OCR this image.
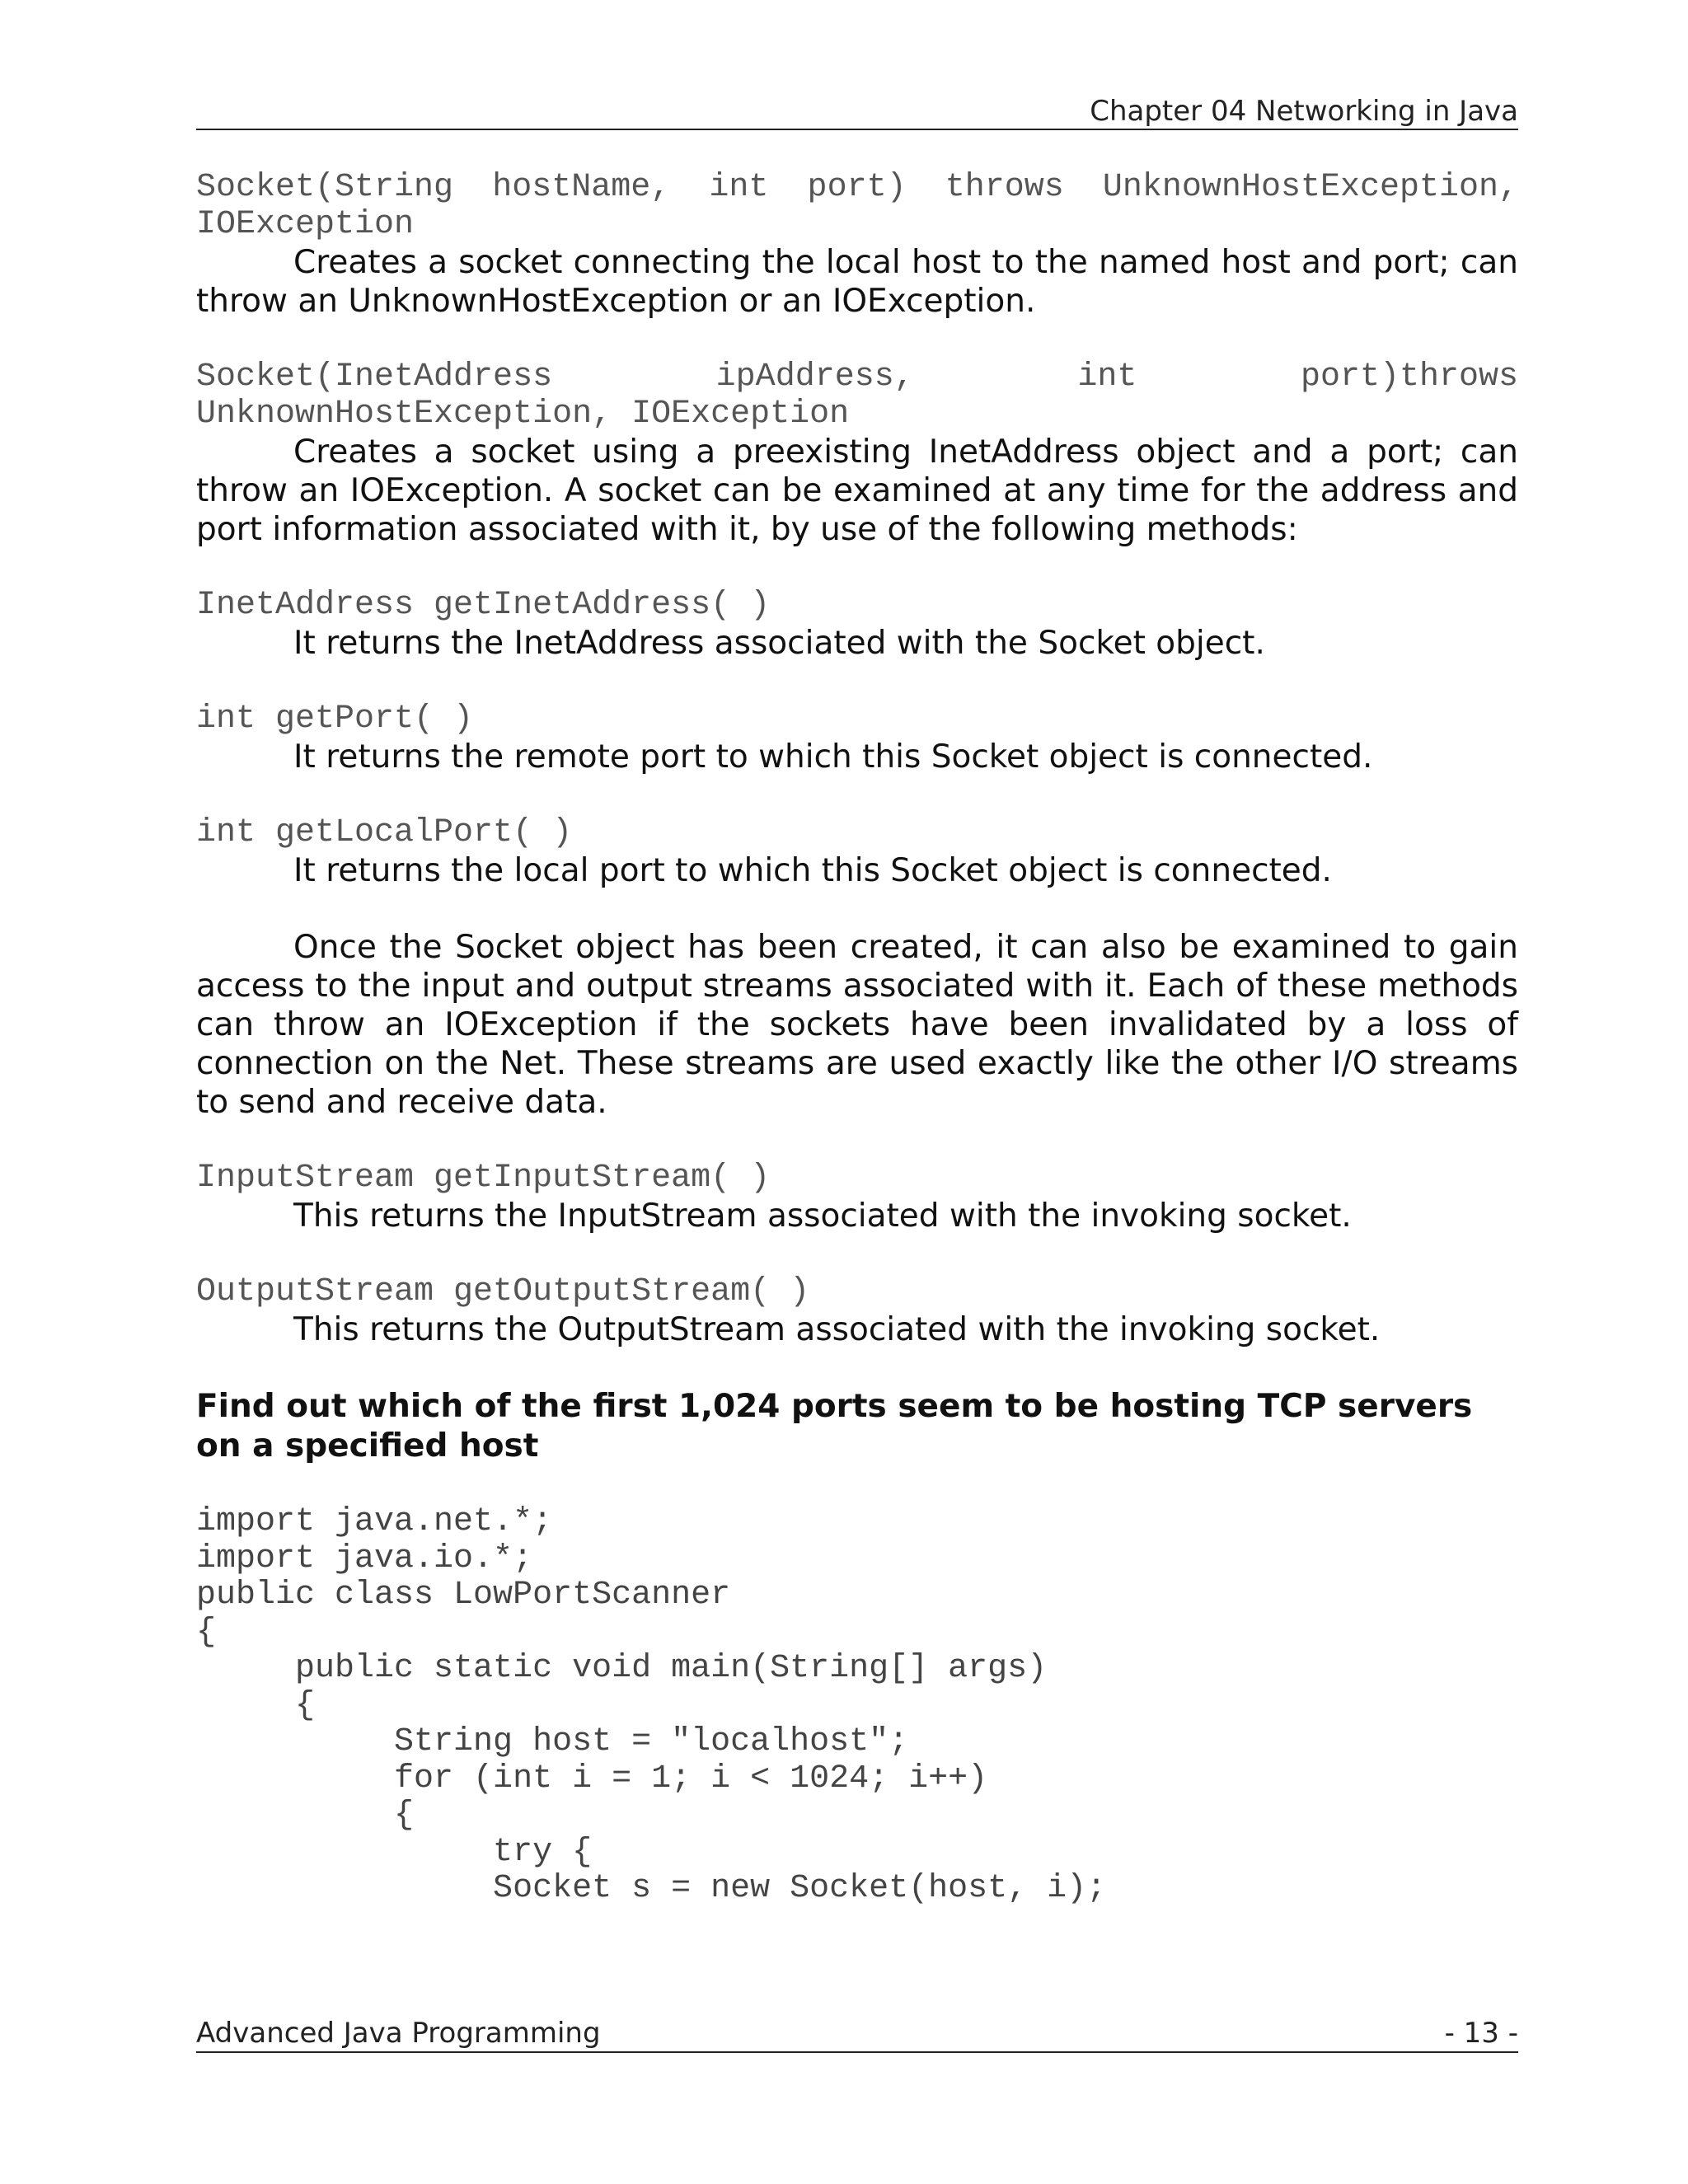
Chapter 04 Networking in Java

Socket(String hostName, int port) throws UnknownHostException, IOException

Creates a socket connecting the local host to the named host and port; can throw an UnknownHostException or an IOException.

Socket(InetAddress ipAddress, int port)throws UnknownHostException, IOException

Creates a socket using a preexisting InetAddress object and a port; can throw an IOException. A socket can be examined at any time for the address and port information associated with it, by use of the following methods:

InetAddress getInetAddress( )

It returns the InetAddress associated with the Socket object.

int getPort( )

It returns the remote port to which this Socket object is connected.

int getLocalPort( )

It returns the local port to which this Socket object is connected.

Once the Socket object has been created, it can also be examined to gain access to the input and output streams associated with it. Each of these methods can throw an IOException if the sockets have been invalidated by a loss of connection on the Net. These streams are used exactly like the other I/O streams to send and receive data.

InputStream getInputStream( )

This returns the InputStream associated with the invoking socket.

OutputStream getOutputStream( )

This returns the OutputStream associated with the invoking socket.

Find out which of the first 1,024 ports seem to be hosting TCP servers on a specified host

import java.net.*;
import java.io.*;
public class LowPortScanner
{
public static void main(String[] args)
{
String host = "localhost";
for (int i = 1; i < 1024; i++)
{
try {
Socket s = new Socket(host, i);
Advanced Java Programming	- 13 -
